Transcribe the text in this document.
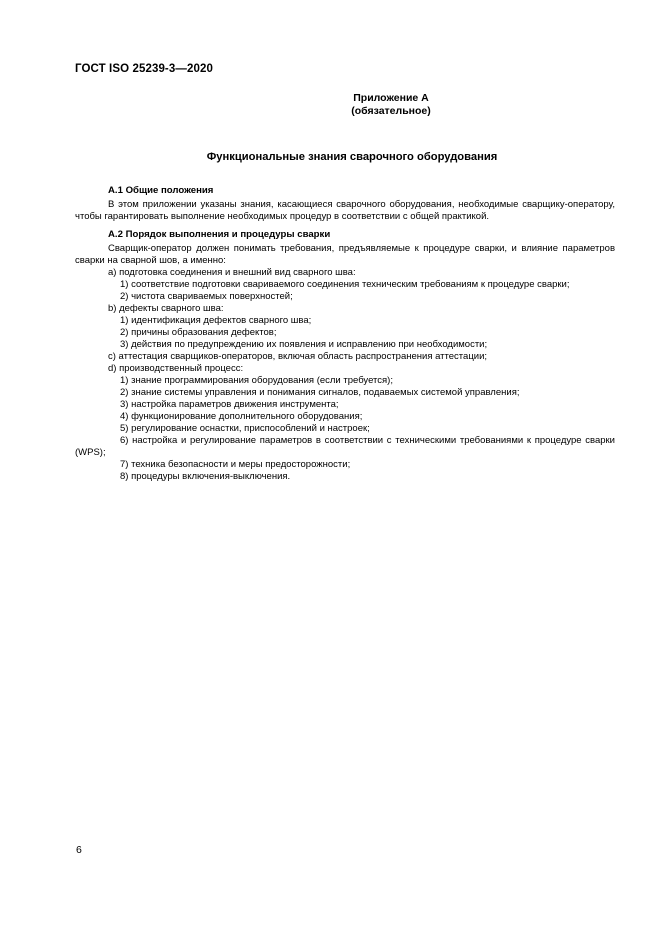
ГОСТ ISO 25239-3—2020
Приложение А
(обязательное)
Функциональные знания сварочного оборудования

А.1 Общие положения

В этом приложении указаны знания, касающиеся сварочного оборудования, необходимые сварщику-оператору, чтобы гарантировать выполнение необходимых процедур в соответствии с общей практикой.

А.2 Порядок выполнения и процедуры сварки

Сварщик-оператор должен понимать требования, предъявляемые к процедуре сварки, и влияние параметров сварки на сварной шов, а именно:

а) подготовка соединения и внешний вид сварного шва:
1) соответствие подготовки свариваемого соединения техническим требованиям к процедуре сварки;
2) чистота свариваемых поверхностей;
b) дефекты сварного шва:
1) идентификация дефектов сварного шва;
2) причины образования дефектов;
3) действия по предупреждению их появления и исправлению при необходимости;
с) аттестация сварщиков-операторов, включая область распространения аттестации;
d) производственный процесс:
1) знание программирования оборудования (если требуется);
2) знание системы управления и понимания сигналов, подаваемых системой управления;
3) настройка параметров движения инструмента;
4) функционирование дополнительного оборудования;
5) регулирование оснастки, приспособлений и настроек;
6) настройка и регулирование параметров в соответствии с техническими требованиями к процедуре сварки (WPS);
7) техника безопасности и меры предосторожности;
8) процедуры включения-выключения.
6
